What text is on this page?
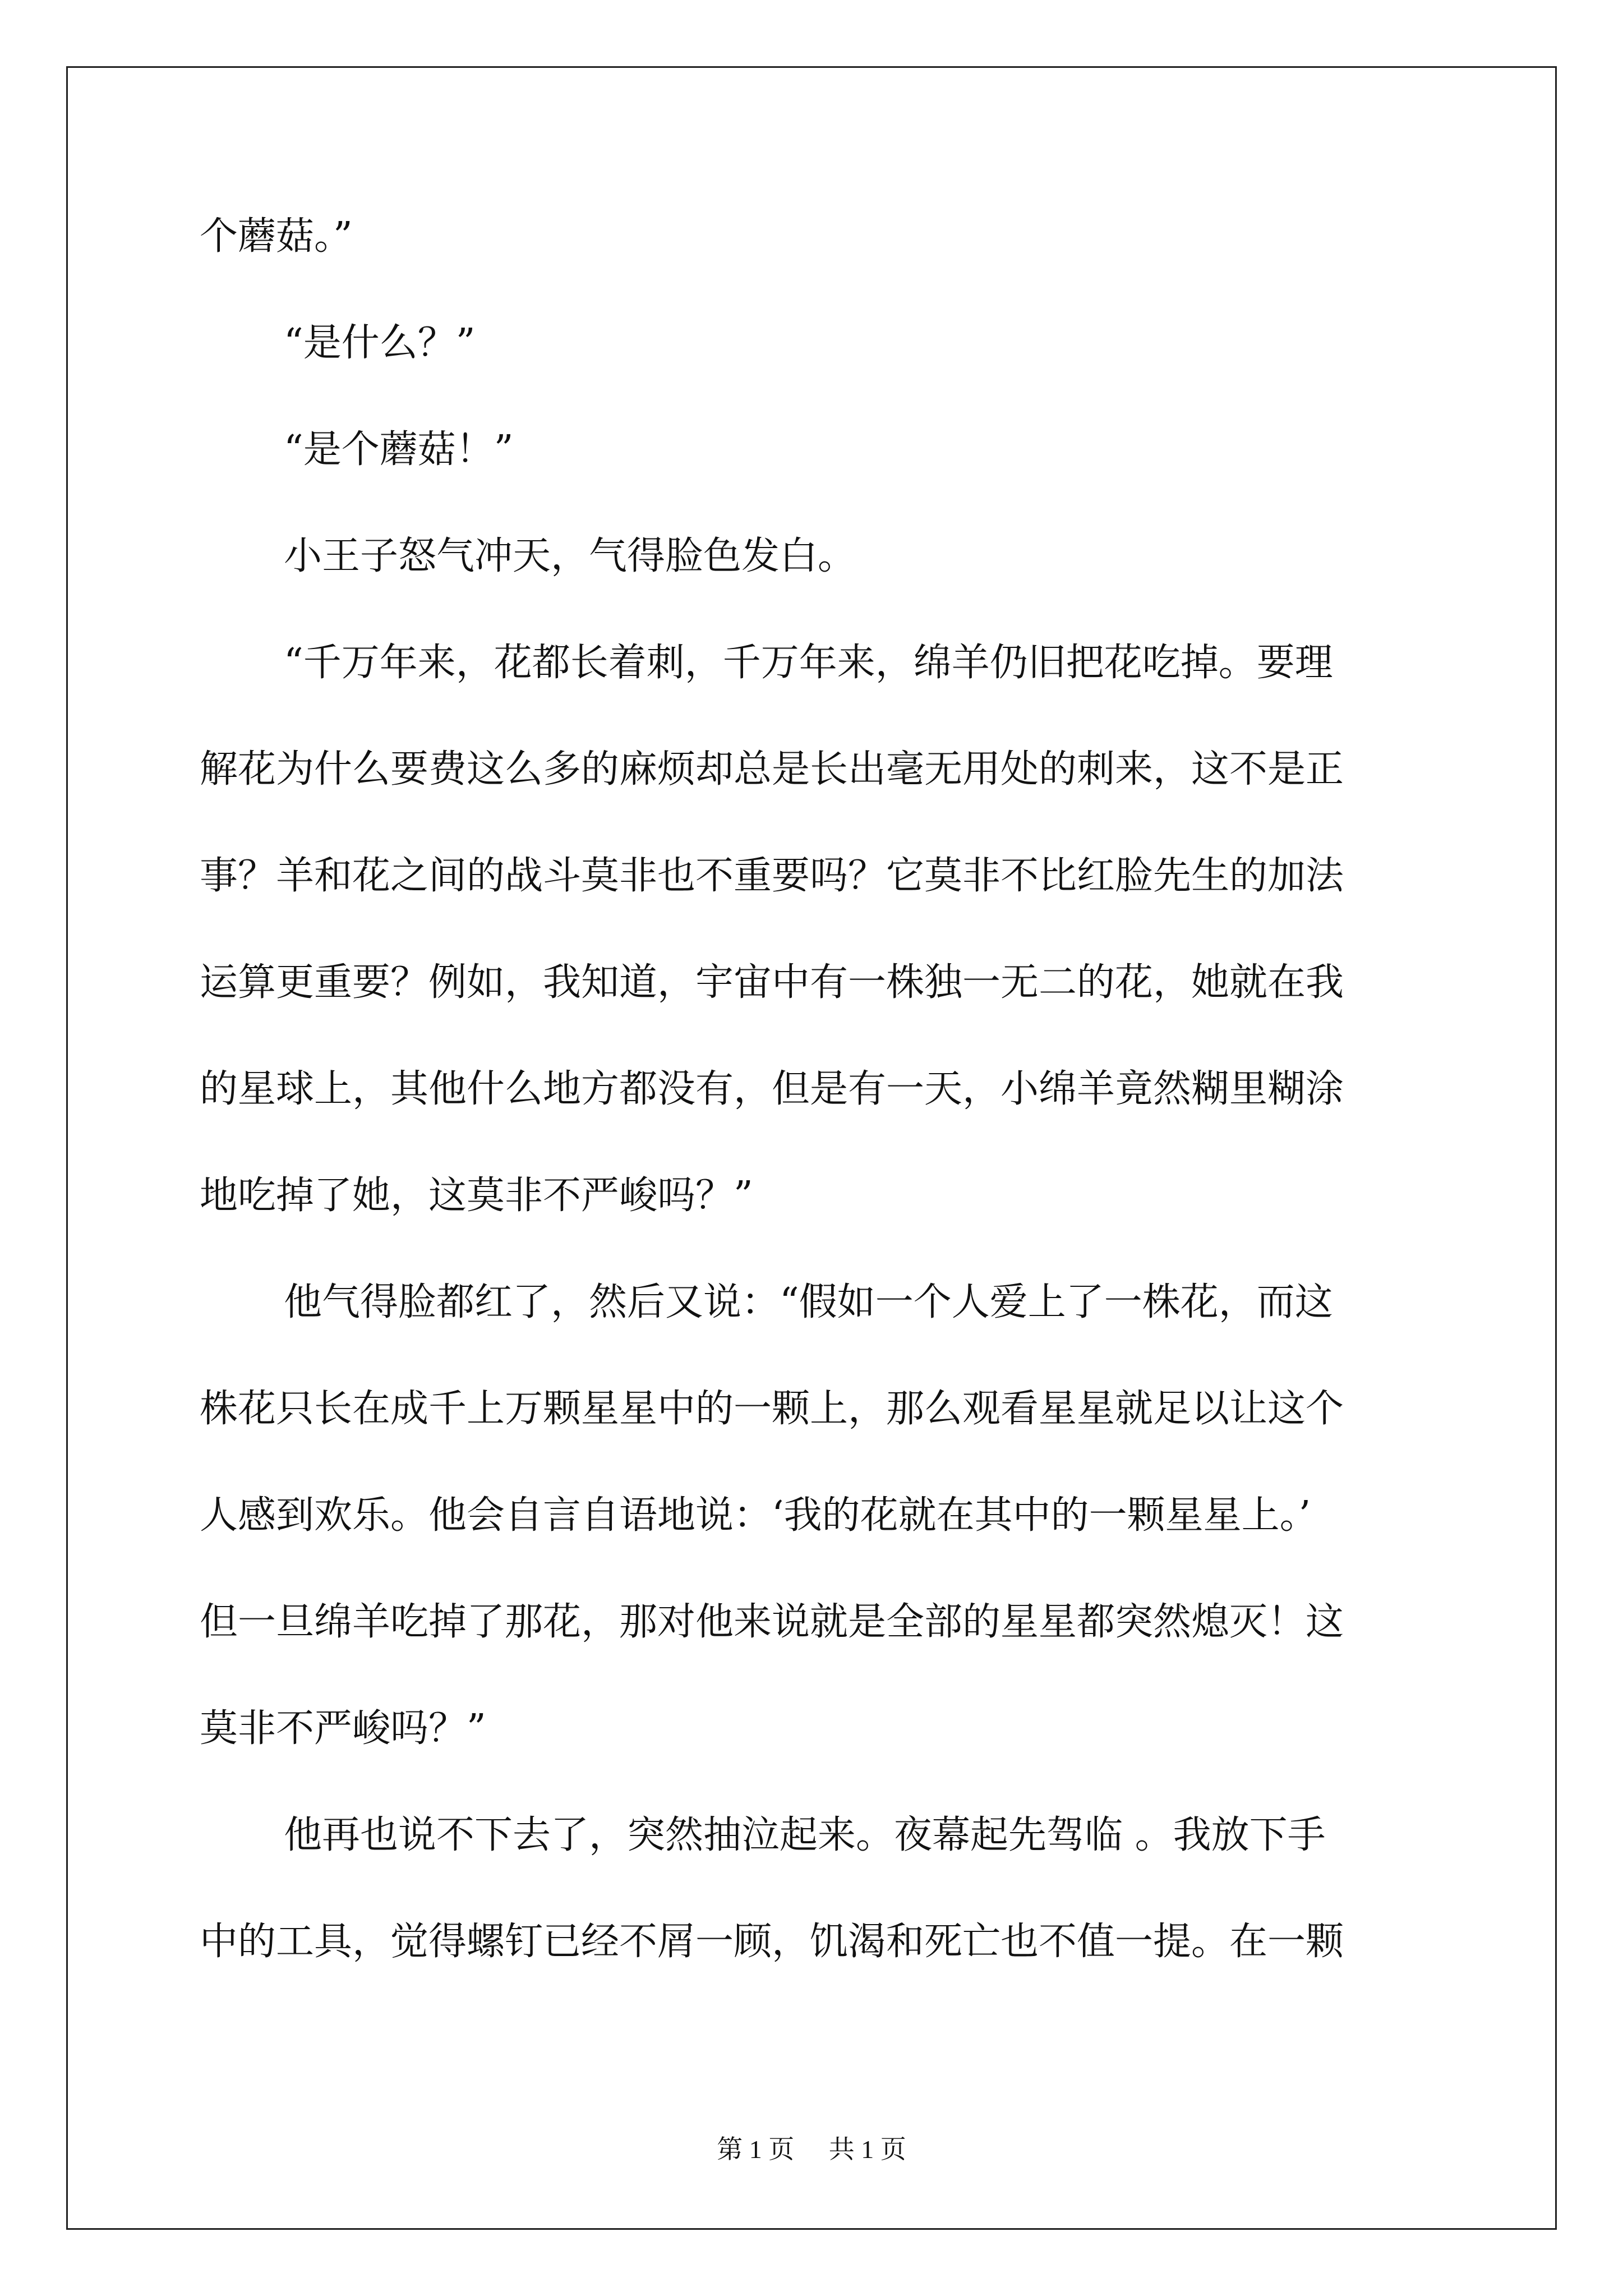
个蘑菇。”
“是什么？”
“是个蘑菇！”
小王子怒气冲天，气得脸色发白。
“千万年来，花都长着刺，千万年来，绵羊仍旧把花吃掉。要理
解花为什么要费这么多的麻烦却总是长出毫无用处的刺来，这不是正
事？羊和花之间的战斗莫非也不重要吗？它莫非不比红脸先生的加法
运算更重要？例如，我知道，宇宙中有一株独一无二的花，她就在我
的星球上，其他什么地方都没有，但是有一天，小绵羊竟然糊里糊涂
地吃掉了她，这莫非不严峻吗？”
他气得脸都红了，然后又说：“假如一个人爱上了一株花，而这
株花只长在成千上万颗星星中的一颗上，那么观看星星就足以让这个
人感到欢乐。他会自言自语地说：‘我的花就在其中的一颗星星上。’
但一旦绵羊吃掉了那花，那对他来说就是全部的星星都突然熄灭！这
莫非不严峻吗？”
他再也说不下去了，突然抽泣起来。夜幕起先驾临 。我放下手
中的工具，觉得螺钉已经不屑一顾，饥渴和死亡也不值一提。在一颗
第 1 页 共 1 页
